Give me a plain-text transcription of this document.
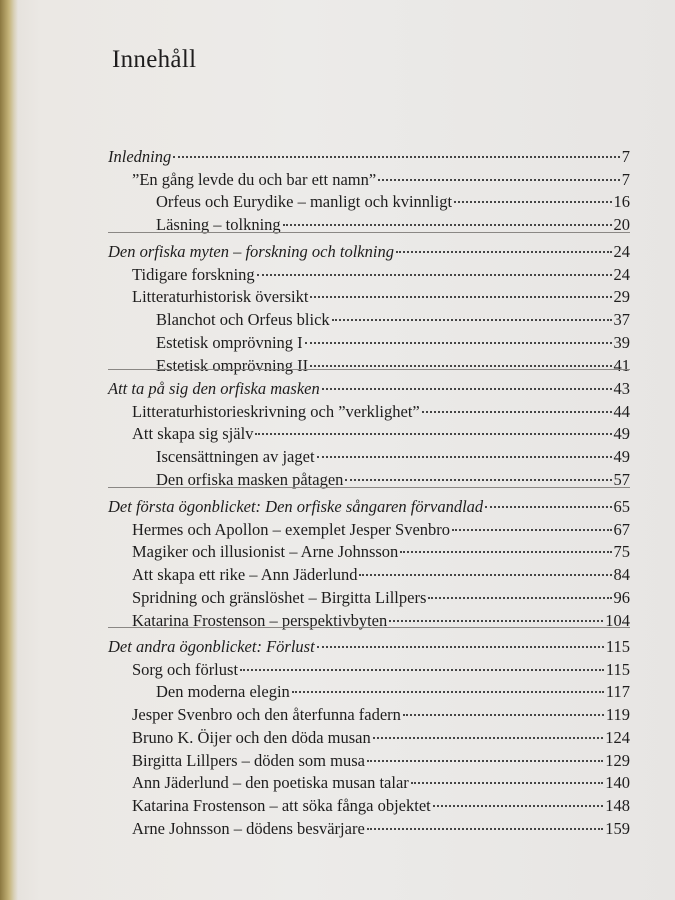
Innehåll
Inledning	7
”En gång levde du och bar ett namn”	7
Orfeus och Eurydike – manligt och kvinnligt	16
Läsning – tolkning	20
Den orfiska myten – forskning och tolkning	24
Tidigare forskning	24
Litteraturhistorisk översikt	29
Blanchot och Orfeus blick	37
Estetisk omprövning I	39
Estetisk omprövning II	41
Att ta på sig den orfiska masken	43
Litteraturhistorieskrivning och ”verklighet”	44
Att skapa sig själv	49
Iscensättningen av jaget	49
Den orfiska masken påtagen	57
Det första ögonblicket: Den orfiske sångaren förvandlad	65
Hermes och Apollon – exemplet Jesper Svenbro	67
Magiker och illusionist – Arne Johnsson	75
Att skapa ett rike – Ann Jäderlund	84
Spridning och gränslöshet – Birgitta Lillpers	96
Katarina Frostenson – perspektivbyten	104
Det andra ögonblicket: Förlust	115
Sorg och förlust	115
Den moderna elegin	117
Jesper Svenbro och den återfunna fadern	119
Bruno K. Öijer och den döda musan	124
Birgitta Lillpers – döden som musa	129
Ann Jäderlund – den poetiska musan talar	140
Katarina Frostenson – att söka fånga objektet	148
Arne Johnsson – dödens besvärjare	159
